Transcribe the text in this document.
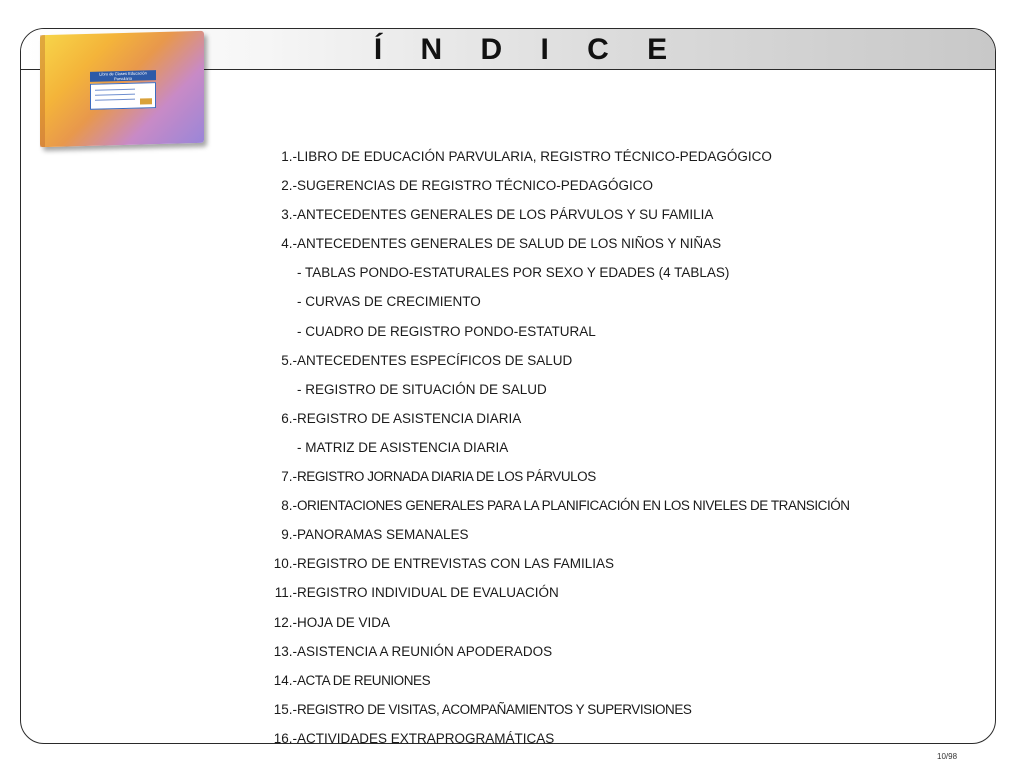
Í N D I C E
1.- LIBRO DE EDUCACIÓN PARVULARIA, REGISTRO TÉCNICO-PEDAGÓGICO
2.- SUGERENCIAS DE REGISTRO TÉCNICO-PEDAGÓGICO
3.- ANTECEDENTES GENERALES DE LOS PÁRVULOS Y SU FAMILIA
4.- ANTECEDENTES GENERALES DE SALUD DE LOS NIÑOS Y NIÑAS
- TABLAS PONDO-ESTATURALES POR SEXO Y EDADES (4 TABLAS)
- CURVAS DE CRECIMIENTO
- CUADRO DE REGISTRO PONDO-ESTATURAL
5.- ANTECEDENTES ESPECÍFICOS DE SALUD
- REGISTRO DE SITUACIÓN DE SALUD
6.- REGISTRO DE ASISTENCIA DIARIA
- MATRIZ DE ASISTENCIA DIARIA
7.- REGISTRO JORNADA DIARIA DE LOS PÁRVULOS
8.- ORIENTACIONES GENERALES PARA LA PLANIFICACIÓN EN LOS NIVELES DE TRANSICIÓN
9.- PANORAMAS SEMANALES
10.- REGISTRO DE ENTREVISTAS CON LAS FAMILIAS
11.- REGISTRO INDIVIDUAL DE EVALUACIÓN
12.- HOJA DE VIDA
13.- ASISTENCIA A REUNIÓN APODERADOS
14.- ACTA DE REUNIONES
15.- REGISTRO DE VISITAS, ACOMPAÑAMIENTOS Y SUPERVISIONES
16.- ACTIVIDADES EXTRAPROGRAMÁTICAS
Libro de Clases Educación Parvularia
10/98
